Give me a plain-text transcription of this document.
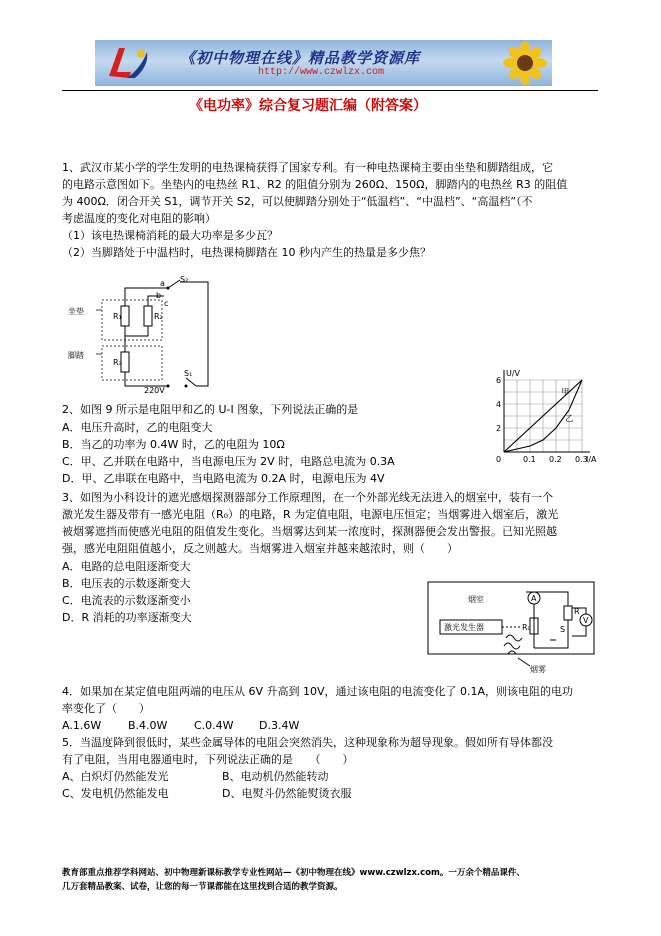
《初中物理在线》精品教学资源库
http://www.czwlzx.com
《电功率》综合复习题汇编（附答案）
1、武汉市某小学的学生发明的电热课椅获得了国家专利。有一种电热课椅主要由坐垫和脚踏组成，它
的电路示意图如下。坐垫内的电热丝 R1、R2 的阻值分别为 260Ω、150Ω，脚踏内的电热丝 R3 的阻值
为 400Ω．闭合开关 S1，调节开关 S2，可以使脚踏分别处于“低温档”、“中温档”、“高温档”（不
考虑温度的变化对电阻的影响）
（1）该电热课椅消耗的最大功率是多少瓦？
（2）当脚踏处于中温档时，电热课椅脚踏在 10 秒内产生的热量是多少焦？
坐垫
脚踏
R₁	R₂
R₃
S₂
a
b
c
S₁
220V
I/A
U/V
0	0.1 0.2 0.3
2
4
6
甲
乙
2、如图 9 所示是电阻甲和乙的 U-I 图象，下列说法正确的是
A．电压升高时，乙的电阻变大
B．当乙的功率为 0.4W 时，乙的电阻为 10Ω
C．甲、乙并联在电路中，当电源电压为 2V 时，电路总电流为 0.3A
D．甲、乙串联在电路中，当电路电流为 0.2A 时，电源电压为 4V
3、如图为小科设计的遮光感烟探测器部分工作原理图，在一个外部光线无法进入的烟室中，装有一个
激光发生器及带有一感光电阻（R₀）的电路，R 为定值电阻，电源电压恒定；当烟雾进入烟室后，激光
被烟雾遮挡而使感光电阻的阻值发生变化。当烟雾达到某一浓度时，探测器便会发出警报。已知光照越
强，感光电阻阻值越小，反之则越大。当烟雾进入烟室并越来越浓时，则（　　）
A．电路的总电阻逐渐变大
B．电压表的示数逐渐变大
C．电流表的示数逐渐变小
D．R 消耗的功率逐渐变大
烟室
激光发生器
A
R₀
R
S
V
烟雾
4．如果加在某定值电阻两端的电压从 6V 升高到 10V，通过该电阻的电流变化了 0.1A，则该电阻的电功
率变化了（　　）
A.1.6W B.4.0W C.0.4W D.3.4W
5．当温度降到很低时，某些金属导体的电阻会突然消失，这种现象称为超导现象。假如所有导体都没
有了电阻，当用电器通电时，下列说法正确的是　　（　　）
A、白炽灯仍然能发光	B、电动机仍然能转动
C、发电机仍然能发电	D、电熨斗仍然能熨烫衣服
教育部重点推荐学科网站、初中物理新课标教学专业性网站—《初中物理在线》www.czwlzx.com。一万余个精品课件、
几万套精品教案、试卷，让您的每一节课都能在这里找到合适的教学资源。
